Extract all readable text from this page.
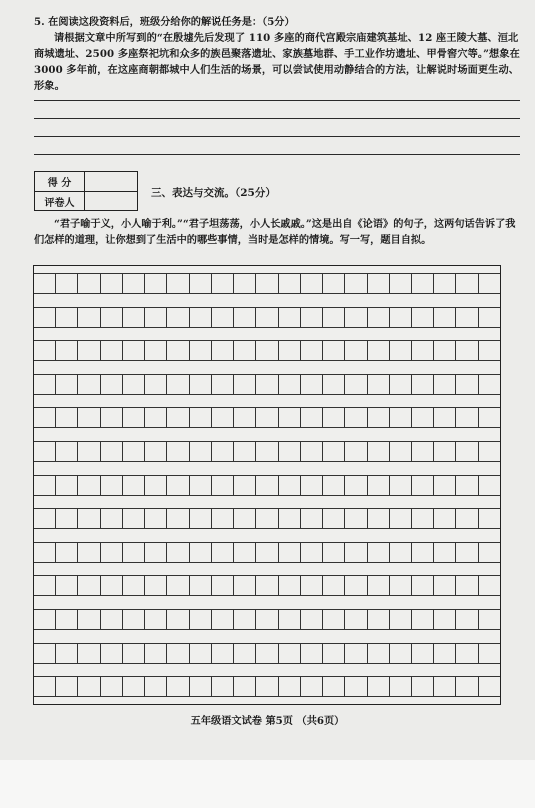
5. 在阅读这段资料后，班级分给你的解说任务是：（5分）
请根据文章中所写到的“在殷墟先后发现了 110 多座的商代宫殿宗庙建筑基址、12 座王陵大墓、洹北商城遗址、2500 多座祭祀坑和众多的族邑聚落遗址、家族墓地群、手工业作坊遗址、甲骨窖穴等。”想象在 3000 多年前，在这座商朝都城中人们生活的场景，可以尝试使用动静结合的方法，让解说时场面更生动、形象。
得 分
评卷人
三、表达与交流。（25分）
“君子喻于义，小人喻于利。”“君子坦荡荡，小人长戚戚。”这是出自《论语》的句子，这两句话告诉了我们怎样的道理，让你想到了生活中的哪些事情，当时是怎样的情境。写一写，题目自拟。
五年级语文试卷 第5页 （共6页）
